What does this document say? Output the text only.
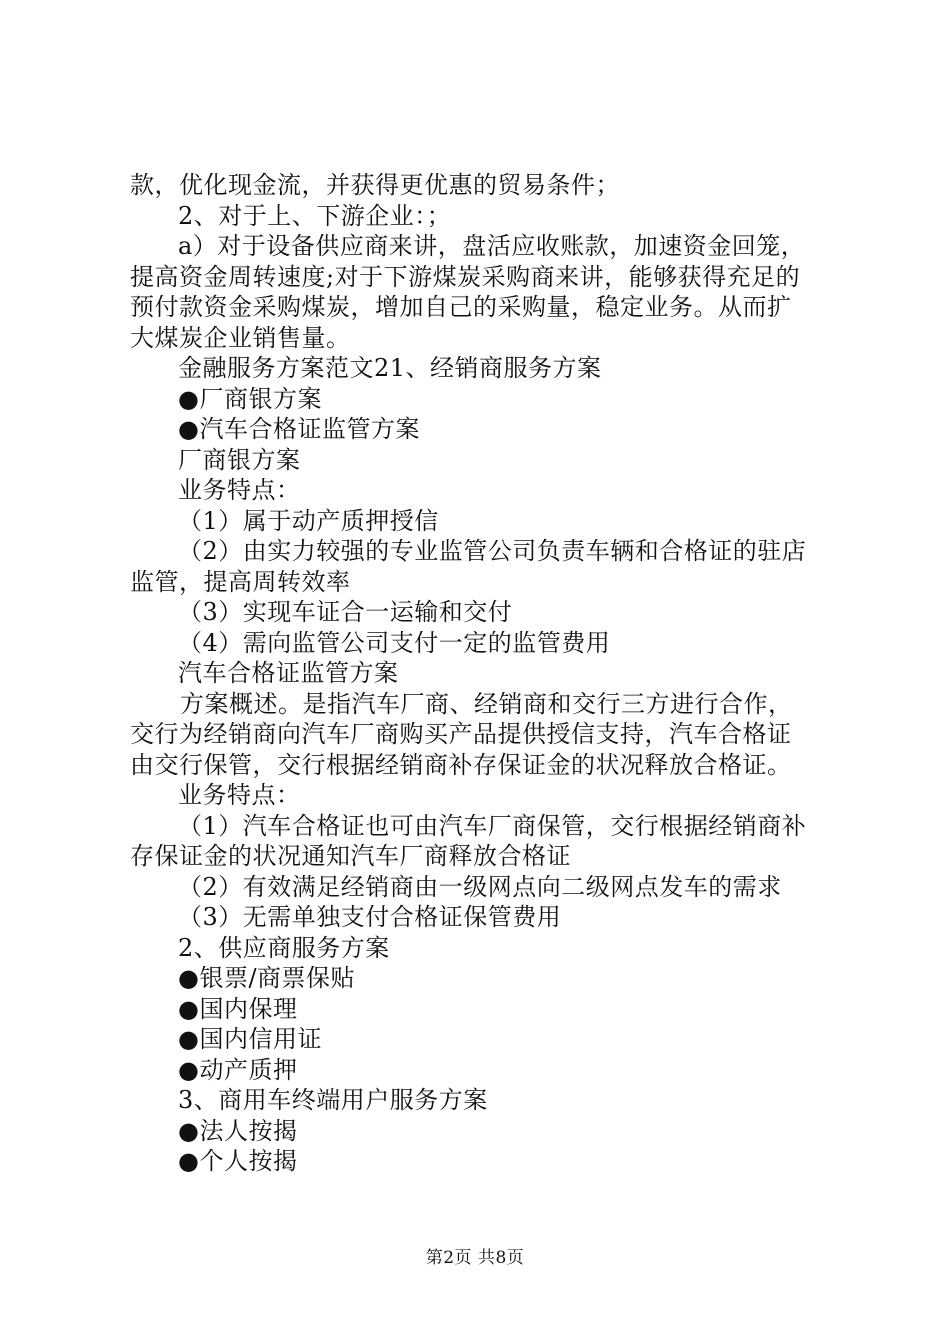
款，优化现金流，并获得更优惠的贸易条件；
2、对于上、下游企业：；
a）对于设备供应商来讲，盘活应收账款，加速资金回笼，
提高资金周转速度;对于下游煤炭采购商来讲，能够获得充足的
预付款资金采购煤炭，增加自己的采购量，稳定业务。从而扩
大煤炭企业销售量。
金融服务方案范文21、经销商服务方案
●厂商银方案
●汽车合格证监管方案
厂商银方案
业务特点：
（1）属于动产质押授信
（2）由实力较强的专业监管公司负责车辆和合格证的驻店
监管，提高周转效率
（3）实现车证合一运输和交付
（4）需向监管公司支付一定的监管费用
汽车合格证监管方案
方案概述。是指汽车厂商、经销商和交行三方进行合作，
交行为经销商向汽车厂商购买产品提供授信支持，汽车合格证
由交行保管，交行根据经销商补存保证金的状况释放合格证。
业务特点：
（1）汽车合格证也可由汽车厂商保管，交行根据经销商补
存保证金的状况通知汽车厂商释放合格证
（2）有效满足经销商由一级网点向二级网点发车的需求
（3）无需单独支付合格证保管费用
2、供应商服务方案
●银票/商票保贴
●国内保理
●国内信用证
●动产质押
3、商用车终端用户服务方案
●法人按揭
●个人按揭
第2页 共8页
